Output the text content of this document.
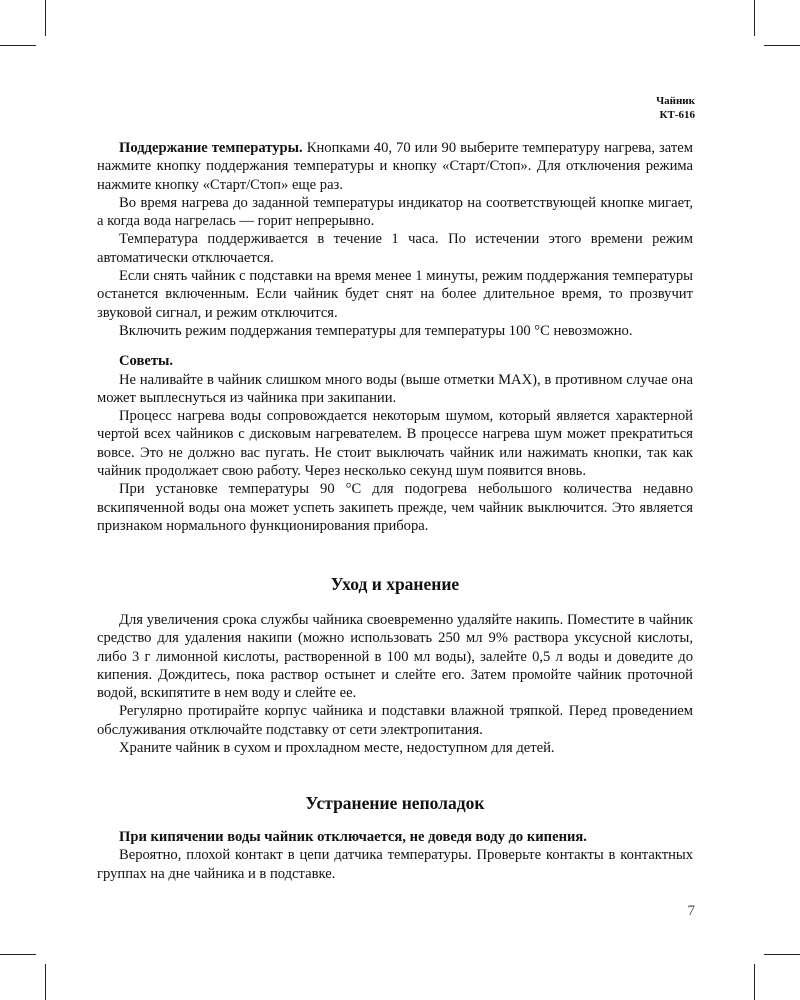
Чайник
КТ-616

Поддержание температуры. Кнопками 40, 70 или 90 выберите температуру нагрева, затем нажмите кнопку поддержания температуры и кнопку «Старт/Стоп». Для отключения режима нажмите кнопку «Старт/Стоп» еще раз.

Во время нагрева до заданной температуры индикатор на соответствующей кнопке мигает, а когда вода нагрелась — горит непрерывно.

Температура поддерживается в течение 1 часа. По истечении этого времени режим автоматически отключается.

Если снять чайник с подставки на время менее 1 минуты, режим поддержания температуры останется включенным. Если чайник будет снят на более длительное время, то прозвучит звуковой сигнал, и режим отключится.

Включить режим поддержания температуры для температуры 100 °С невозможно.

Советы.

Не наливайте в чайник слишком много воды (выше отметки МАХ), в противном случае она может выплеснуться из чайника при закипании.

Процесс нагрева воды сопровождается некоторым шумом, который является характерной чертой всех чайников с дисковым нагревателем. В процессе нагрева шум может прекратиться вовсе. Это не должно вас пугать. Не стоит выключать чайник или нажимать кнопки, так как чайник продолжает свою работу. Через несколько секунд шум появится вновь.

При установке температуры 90 °С для подогрева небольшого количества недавно вскипяченной воды она может успеть закипеть прежде, чем чайник выключится. Это является признаком нормального функционирования прибора.

Уход и хранение

Для увеличения срока службы чайника своевременно удаляйте накипь. Поместите в чайник средство для удаления накипи (можно использовать 250 мл 9% раствора уксусной кислоты, либо 3 г лимонной кислоты, растворенной в 100 мл воды), залейте 0,5 л воды и доведите до кипения. Дождитесь, пока раствор остынет и слейте его. Затем промойте чайник проточной водой, вскипятите в нем воду и слейте ее.

Регулярно протирайте корпус чайника и подставки влажной тряпкой. Перед проведением обслуживания отключайте подставку от сети электропитания.

Храните чайник в сухом и прохладном месте, недоступном для детей.

Устранение неполадок

При кипячении воды чайник отключается, не доведя воду до кипения.

Вероятно, плохой контакт в цепи датчика температуры. Проверьте контакты в контактных группах на дне чайника и в подставке.

7
